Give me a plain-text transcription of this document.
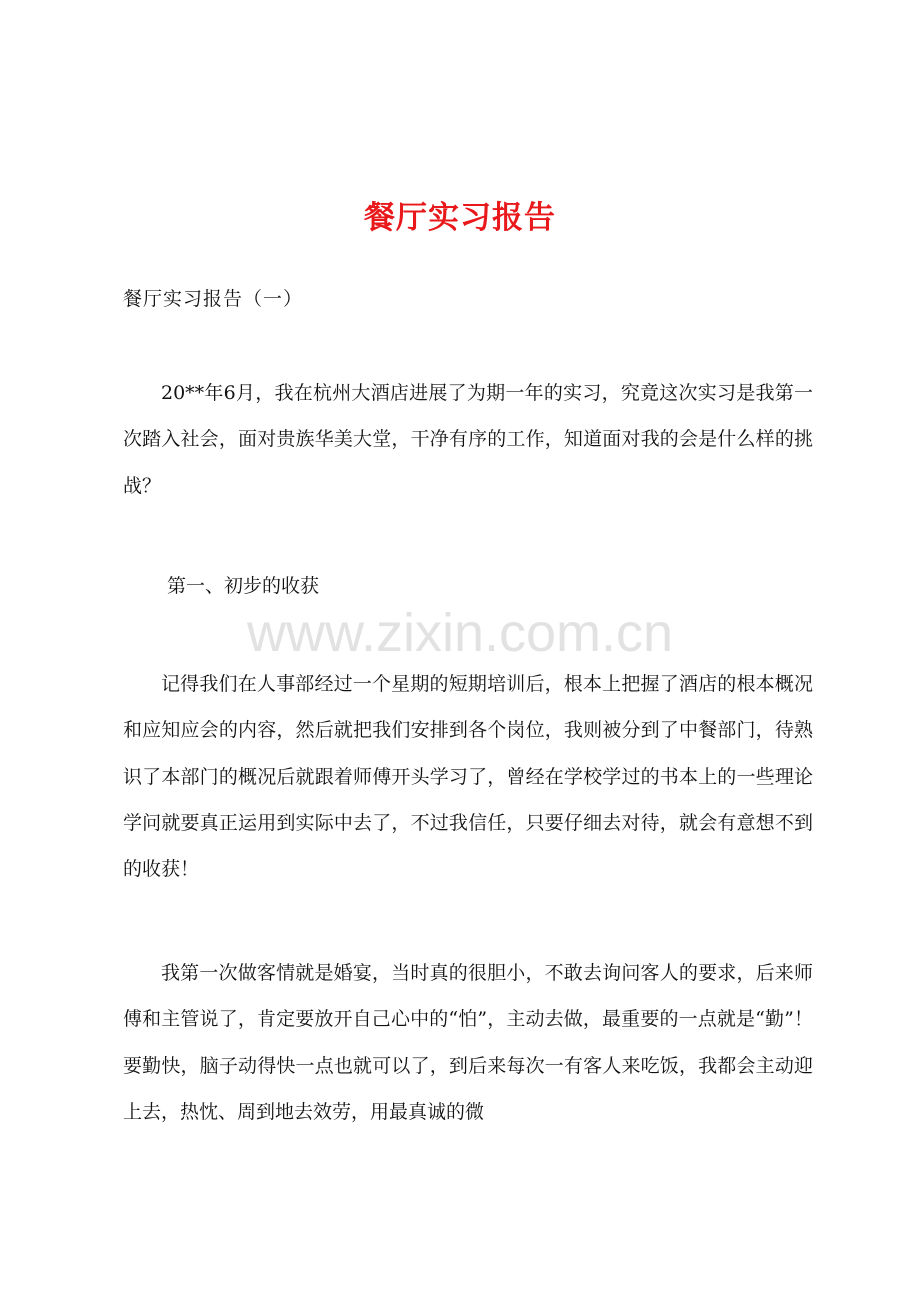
餐厅实习报告

餐厅实习报告（一）

20**年6月，我在杭州大酒店进展了为期一年的实习，究竟这次实习是我第一次踏入社会，面对贵族华美大堂，干净有序的工作，知道面对我的会是什么样的挑战？

第一、初步的收获

记得我们在人事部经过一个星期的短期培训后，根本上把握了酒店的根本概况和应知应会的内容，然后就把我们安排到各个岗位，我则被分到了中餐部门，待熟识了本部门的概况后就跟着师傅开头学习了，曾经在学校学过的书本上的一些理论学问就要真正运用到实际中去了，不过我信任，只要仔细去对待，就会有意想不到的收获！

我第一次做客情就是婚宴，当时真的很胆小，不敢去询问客人的要求，后来师傅和主管说了，肯定要放开自己心中的“怕”，主动去做，最重要的一点就是“勤”！要勤快，脑子动得快一点也就可以了，到后来每次一有客人来吃饭，我都会主动迎上去，热忱、周到地去效劳，用最真诚的微

www.zixin.com.cn
